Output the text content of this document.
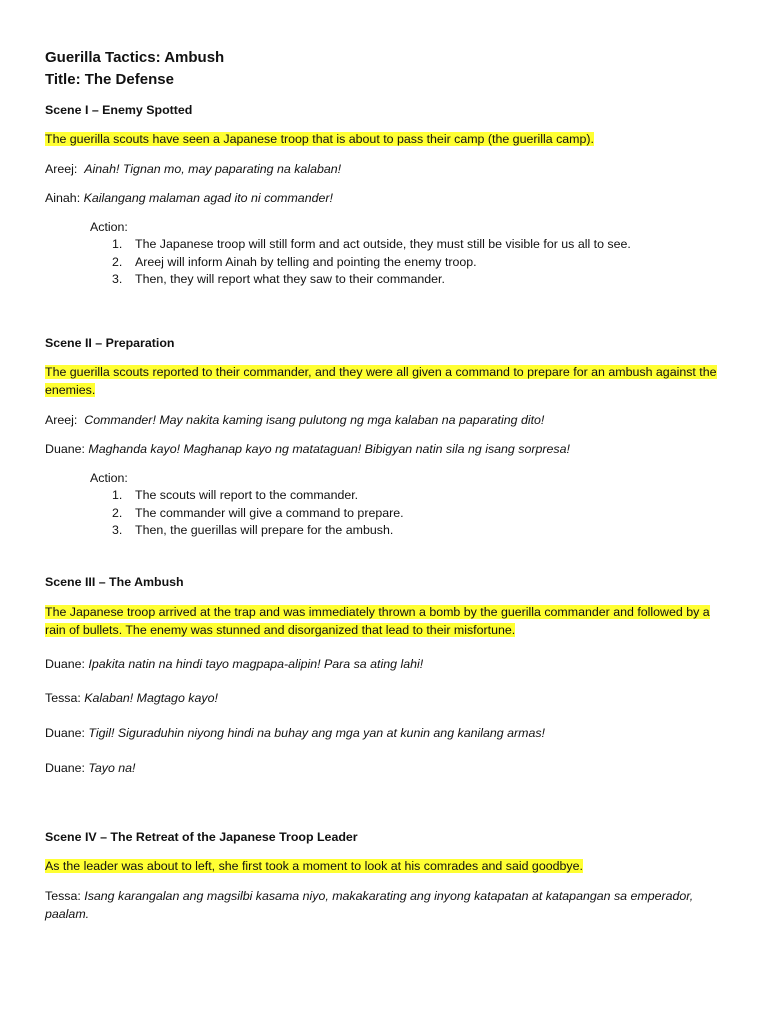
Guerilla Tactics: Ambush
Title: The Defense
Scene I – Enemy Spotted

The guerilla scouts have seen a Japanese troop that is about to pass their camp (the guerilla camp).

Areej: Ainah! Tignan mo, may paparating na kalaban!

Ainah: Kailangang malaman agad ito ni commander!

Action:

1. The Japanese troop will still form and act outside, they must still be visible for us all to see.

2. Areej will inform Ainah by telling and pointing the enemy troop.

3. Then, they will report what they saw to their commander.

Scene II – Preparation

The guerilla scouts reported to their commander, and they were all given a command to prepare for an ambush against the enemies.

Areej: Commander! May nakita kaming isang pulutong ng mga kalaban na paparating dito!

Duane: Maghanda kayo! Maghanap kayo ng matataguan! Bibigyan natin sila ng isang sorpresa!

Action:

1. The scouts will report to the commander.

2. The commander will give a command to prepare.

3. Then, the guerillas will prepare for the ambush.

Scene III – The Ambush

The Japanese troop arrived at the trap and was immediately thrown a bomb by the guerilla commander and followed by a rain of bullets. The enemy was stunned and disorganized that lead to their misfortune.

Duane: Ipakita natin na hindi tayo magpapa-alipin! Para sa ating lahi!

Tessa: Kalaban! Magtago kayo!

Duane: Tigil! Siguraduhin niyong hindi na buhay ang mga yan at kunin ang kanilang armas!

Duane: Tayo na!

Scene IV – The Retreat of the Japanese Troop Leader

As the leader was about to left, she first took a moment to look at his comrades and said goodbye.

Tessa: Isang karangalan ang magsilbi kasama niyo, makakarating ang inyong katapatan at katapangan sa emperador, paalam.
